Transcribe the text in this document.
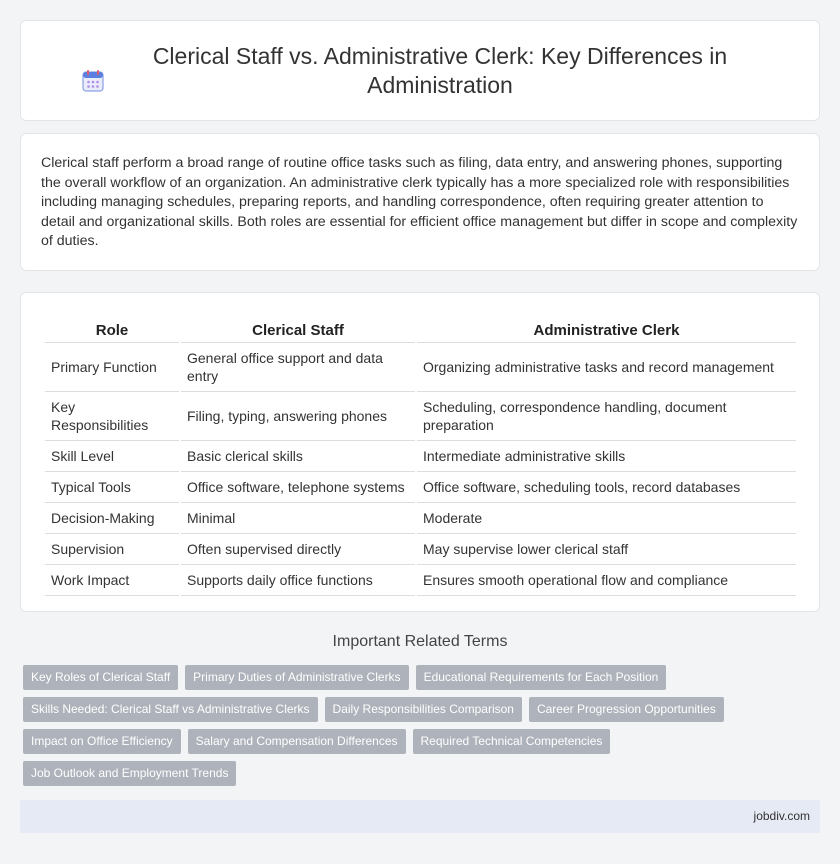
Clerical Staff vs. Administrative Clerk: Key Differences in Administration

Clerical staff perform a broad range of routine office tasks such as filing, data entry, and answering phones, supporting the overall workflow of an organization. An administrative clerk typically has a more specialized role with responsibilities including managing schedules, preparing reports, and handling correspondence, often requiring greater attention to detail and organizational skills. Both roles are essential for efficient office management but differ in scope and complexity of duties.

Role	Clerical Staff	Administrative Clerk
Primary Function	General office support and data entry	Organizing administrative tasks and record management
Key Responsibilities	Filing, typing, answering phones	Scheduling, correspondence handling, document preparation
Skill Level	Basic clerical skills	Intermediate administrative skills
Typical Tools	Office software, telephone systems	Office software, scheduling tools, record databases
Decision-Making	Minimal	Moderate
Supervision	Often supervised directly	May supervise lower clerical staff
Work Impact	Supports daily office functions	Ensures smooth operational flow and compliance
Important Related Terms
Key Roles of Clerical Staff	Primary Duties of Administrative Clerks	Educational Requirements for Each Position
Skills Needed: Clerical Staff vs Administrative Clerks	Daily Responsibilities Comparison	Career Progression Opportunities
Impact on Office Efficiency	Salary and Compensation Differences	Required Technical Competencies
Job Outlook and Employment Trends
jobdiv.com
